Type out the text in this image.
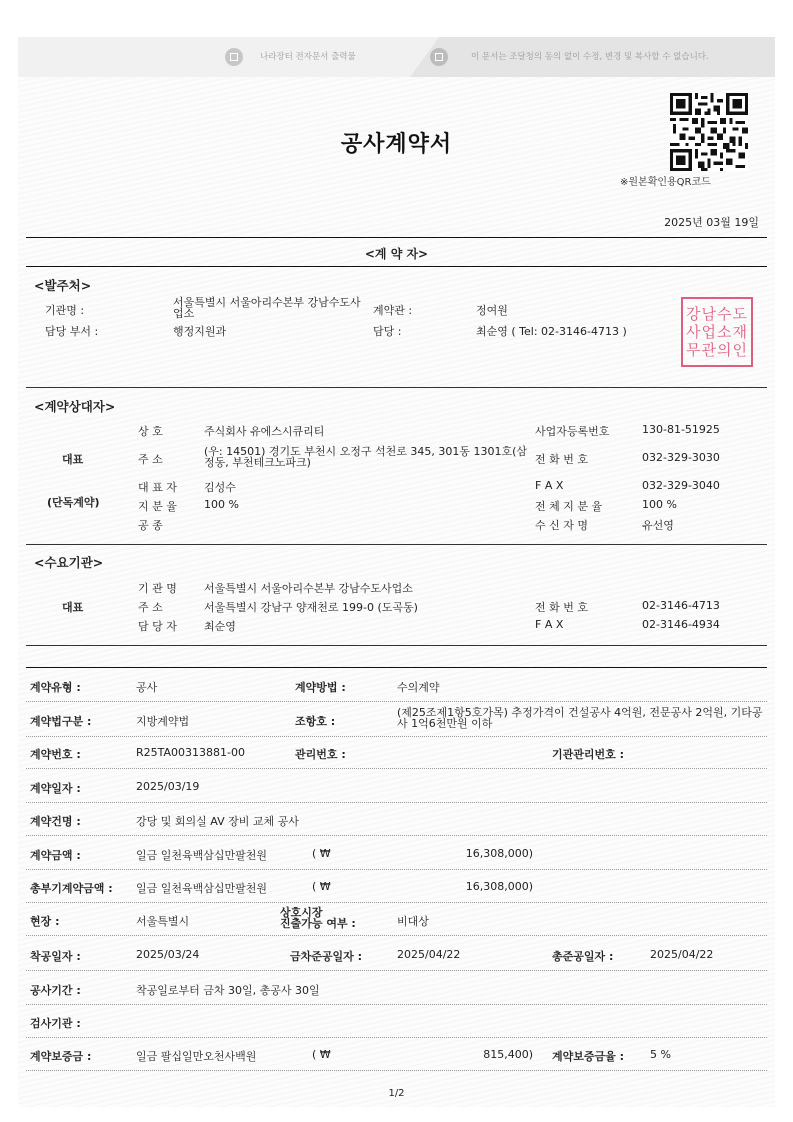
나라장터 전자문서 출력물	이 문서는 조달청의 동의 없이 수정, 변경 및 복사할 수 없습니다.
공사계약서
※원본확인용QR코드
2025년 03월 19일
<계 약 자>
<발주처>
기관명 :
서울특별시 서울아리수본부 강남수도사업소	계약관 :	정여원
담당 부서 :	행정지원과	담당 :	최순영 ( Tel: 02-3146-4713 )
강남수도
사업소재
무관의인
<계약상대자>
대표
(단독계약)
상 호	주식회사 유에스시큐리티	사업자등록번호	130-81-51925
주 소
(우: 14501) 경기도 부천시 오정구 석천로 345, 301동 1301호(삼정동, 부천테크노파크)	전 화 번 호	032-329-3030
대 표 자 김성수	F A X	032-329-3040
지 분 율 100 %	전 체 지 분 율	100 %
공 종	수 신 자 명	유선영
<수요기관>
대표
기 관 명 서울특별시 서울아리수본부 강남수도사업소
주 소	서울특별시 강남구 양재천로 199-0 (도곡동)	전 화 번 호	02-3146-4713
담 당 자 최순영	F A X	02-3146-4934
계약유형 :	공사	계약방법 :	수의계약
계약법구분 :	지방계약법	조항호 :
(제25조제1항5호가목) 추정가격이 건설공사 4억원, 전문공사 2억원, 기타공사 1억6천만원 이하
계약번호 :	R25TA00313881-00	관리번호 :	기관관리번호 :
계약일자 :	2025/03/19
계약건명 :	강당 및 회의실 AV 장비 교체 공사
계약금액 :	일금 일천육백삼십만팔천원	( ₩	16,308,000)
총부기계약금액 : 일금 일천육백삼십만팔천원	( ₩	16,308,000)
현장 :	서울특별시
상호시장
진출가능 여부 :	비대상
착공일자 :	2025/03/24	금차준공일자 :	2025/04/22	총준공일자 :	2025/04/22
공사기간 :	착공일로부터 금차 30일, 총공사 30일
검사기관 :
계약보증금 :	일금 팔십일만오천사백원	( ₩	815,400) 계약보증금율 : 5 %
1/2
